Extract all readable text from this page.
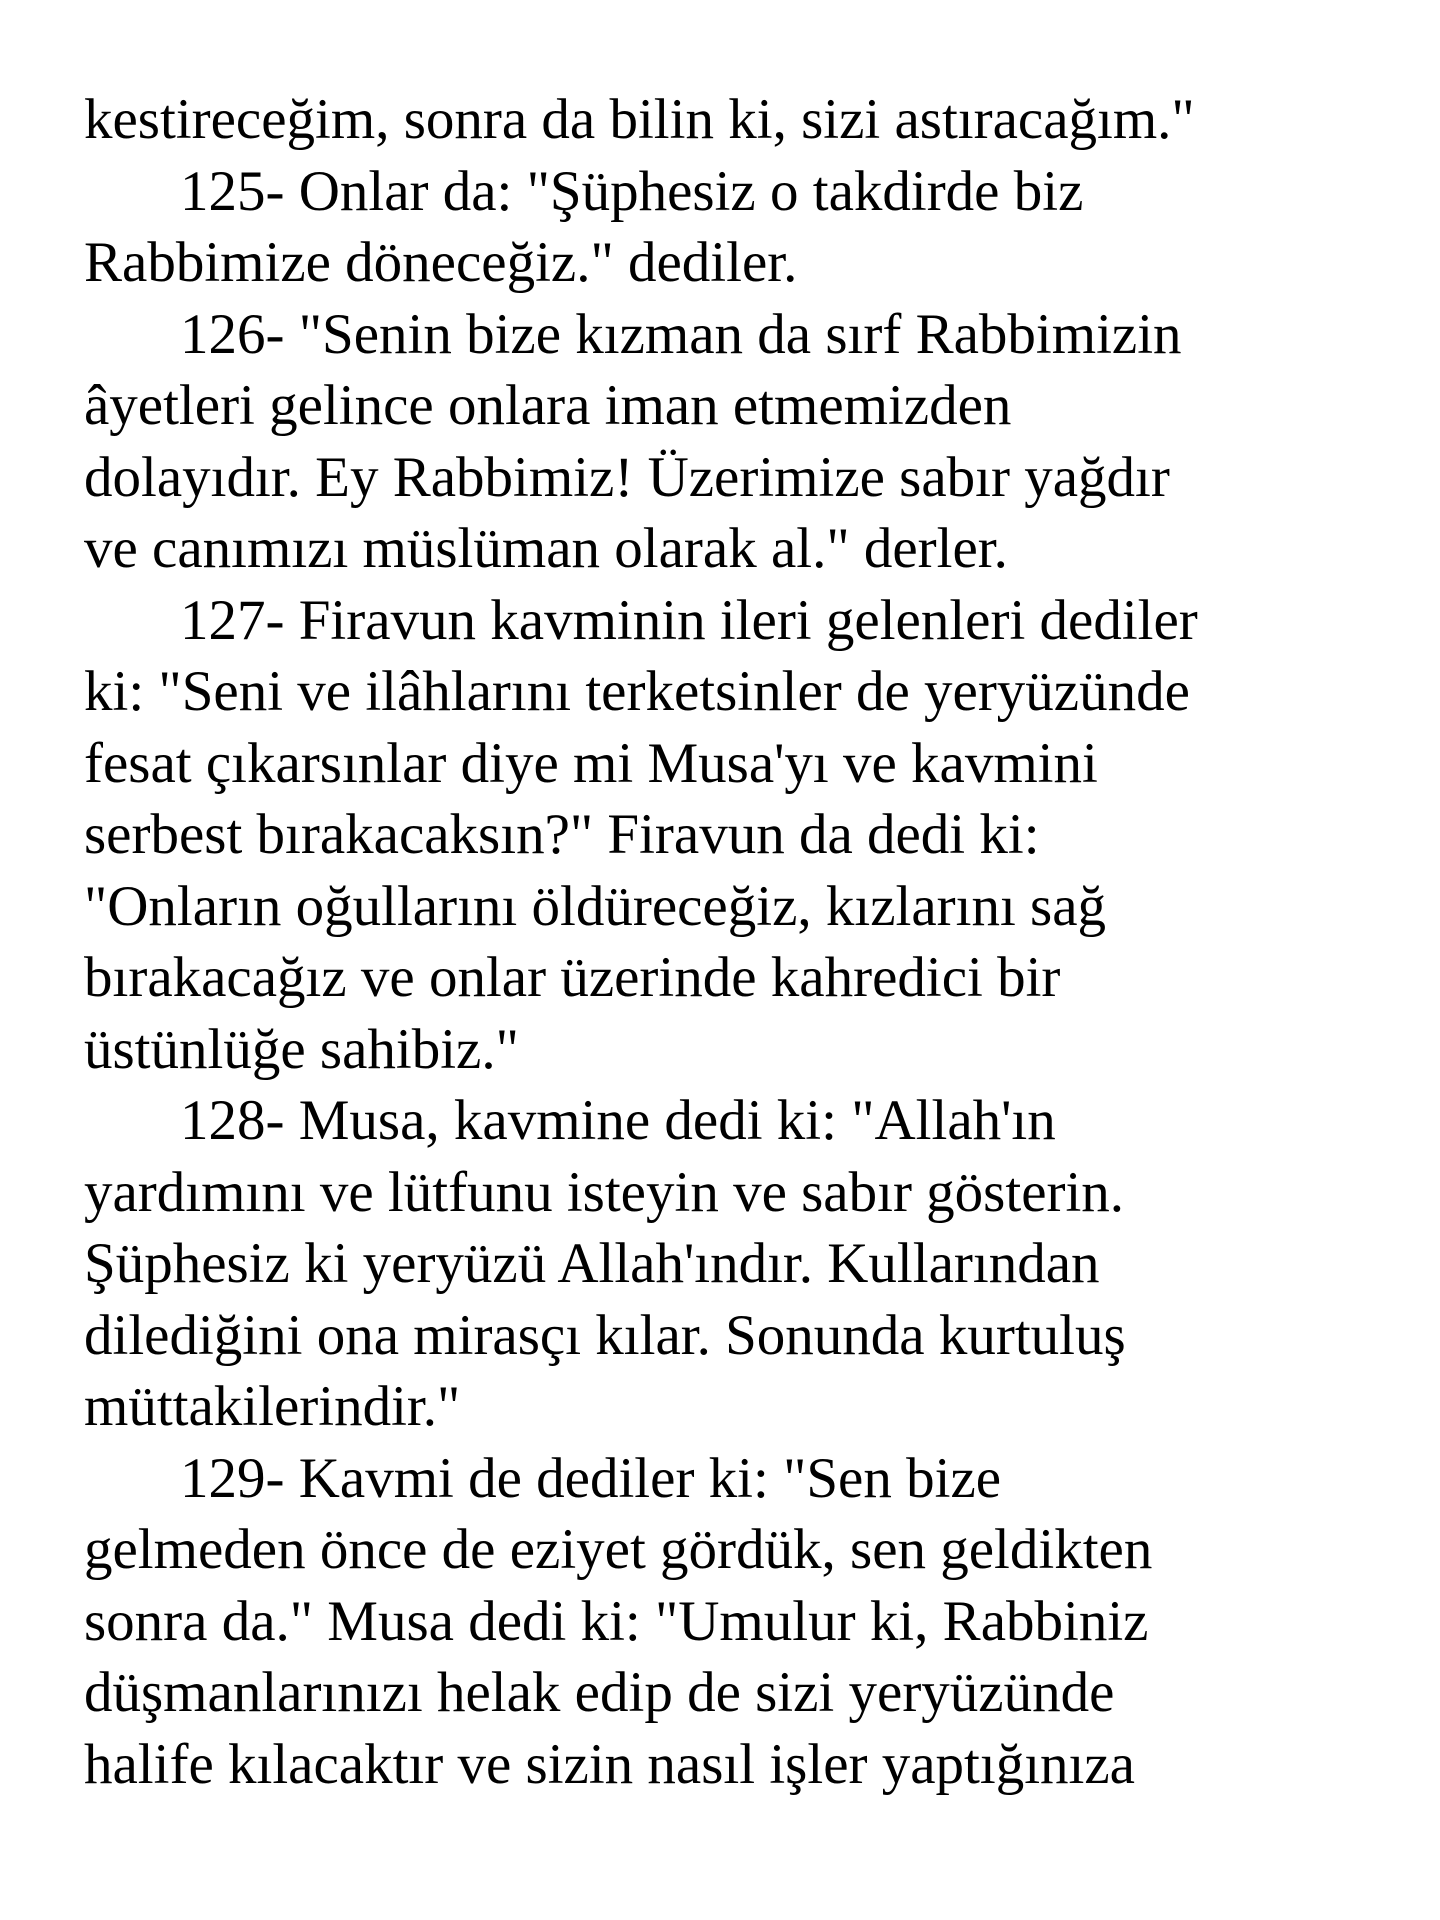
kestireceğim, sonra da bilin ki, sizi astıracağım."
125- Onlar da: "Şüphesiz o takdirde biz
Rabbimize döneceğiz." dediler.
126- "Senin bize kızman da sırf Rabbimizin
âyetleri gelince onlara iman etmemizden
dolayıdır. Ey Rabbimiz! Üzerimize sabır yağdır
ve canımızı müslüman olarak al." derler.
127- Firavun kavminin ileri gelenleri dediler
ki: "Seni ve ilâhlarını terketsinler de yeryüzünde
fesat çıkarsınlar diye mi Musa'yı ve kavmini
serbest bırakacaksın?" Firavun da dedi ki:
"Onların oğullarını öldüreceğiz, kızlarını sağ
bırakacağız ve onlar üzerinde kahredici bir
üstünlüğe sahibiz."
128- Musa, kavmine dedi ki: "Allah'ın
yardımını ve lütfunu isteyin ve sabır gösterin.
Şüphesiz ki yeryüzü Allah'ındır. Kullarından
dilediğini ona mirasçı kılar. Sonunda kurtuluş
müttakilerindir."
129- Kavmi de dediler ki: "Sen bize
gelmeden önce de eziyet gördük, sen geldikten
sonra da." Musa dedi ki: "Umulur ki, Rabbiniz
düşmanlarınızı helak edip de sizi yeryüzünde
halife kılacaktır ve sizin nasıl işler yaptığınıza
